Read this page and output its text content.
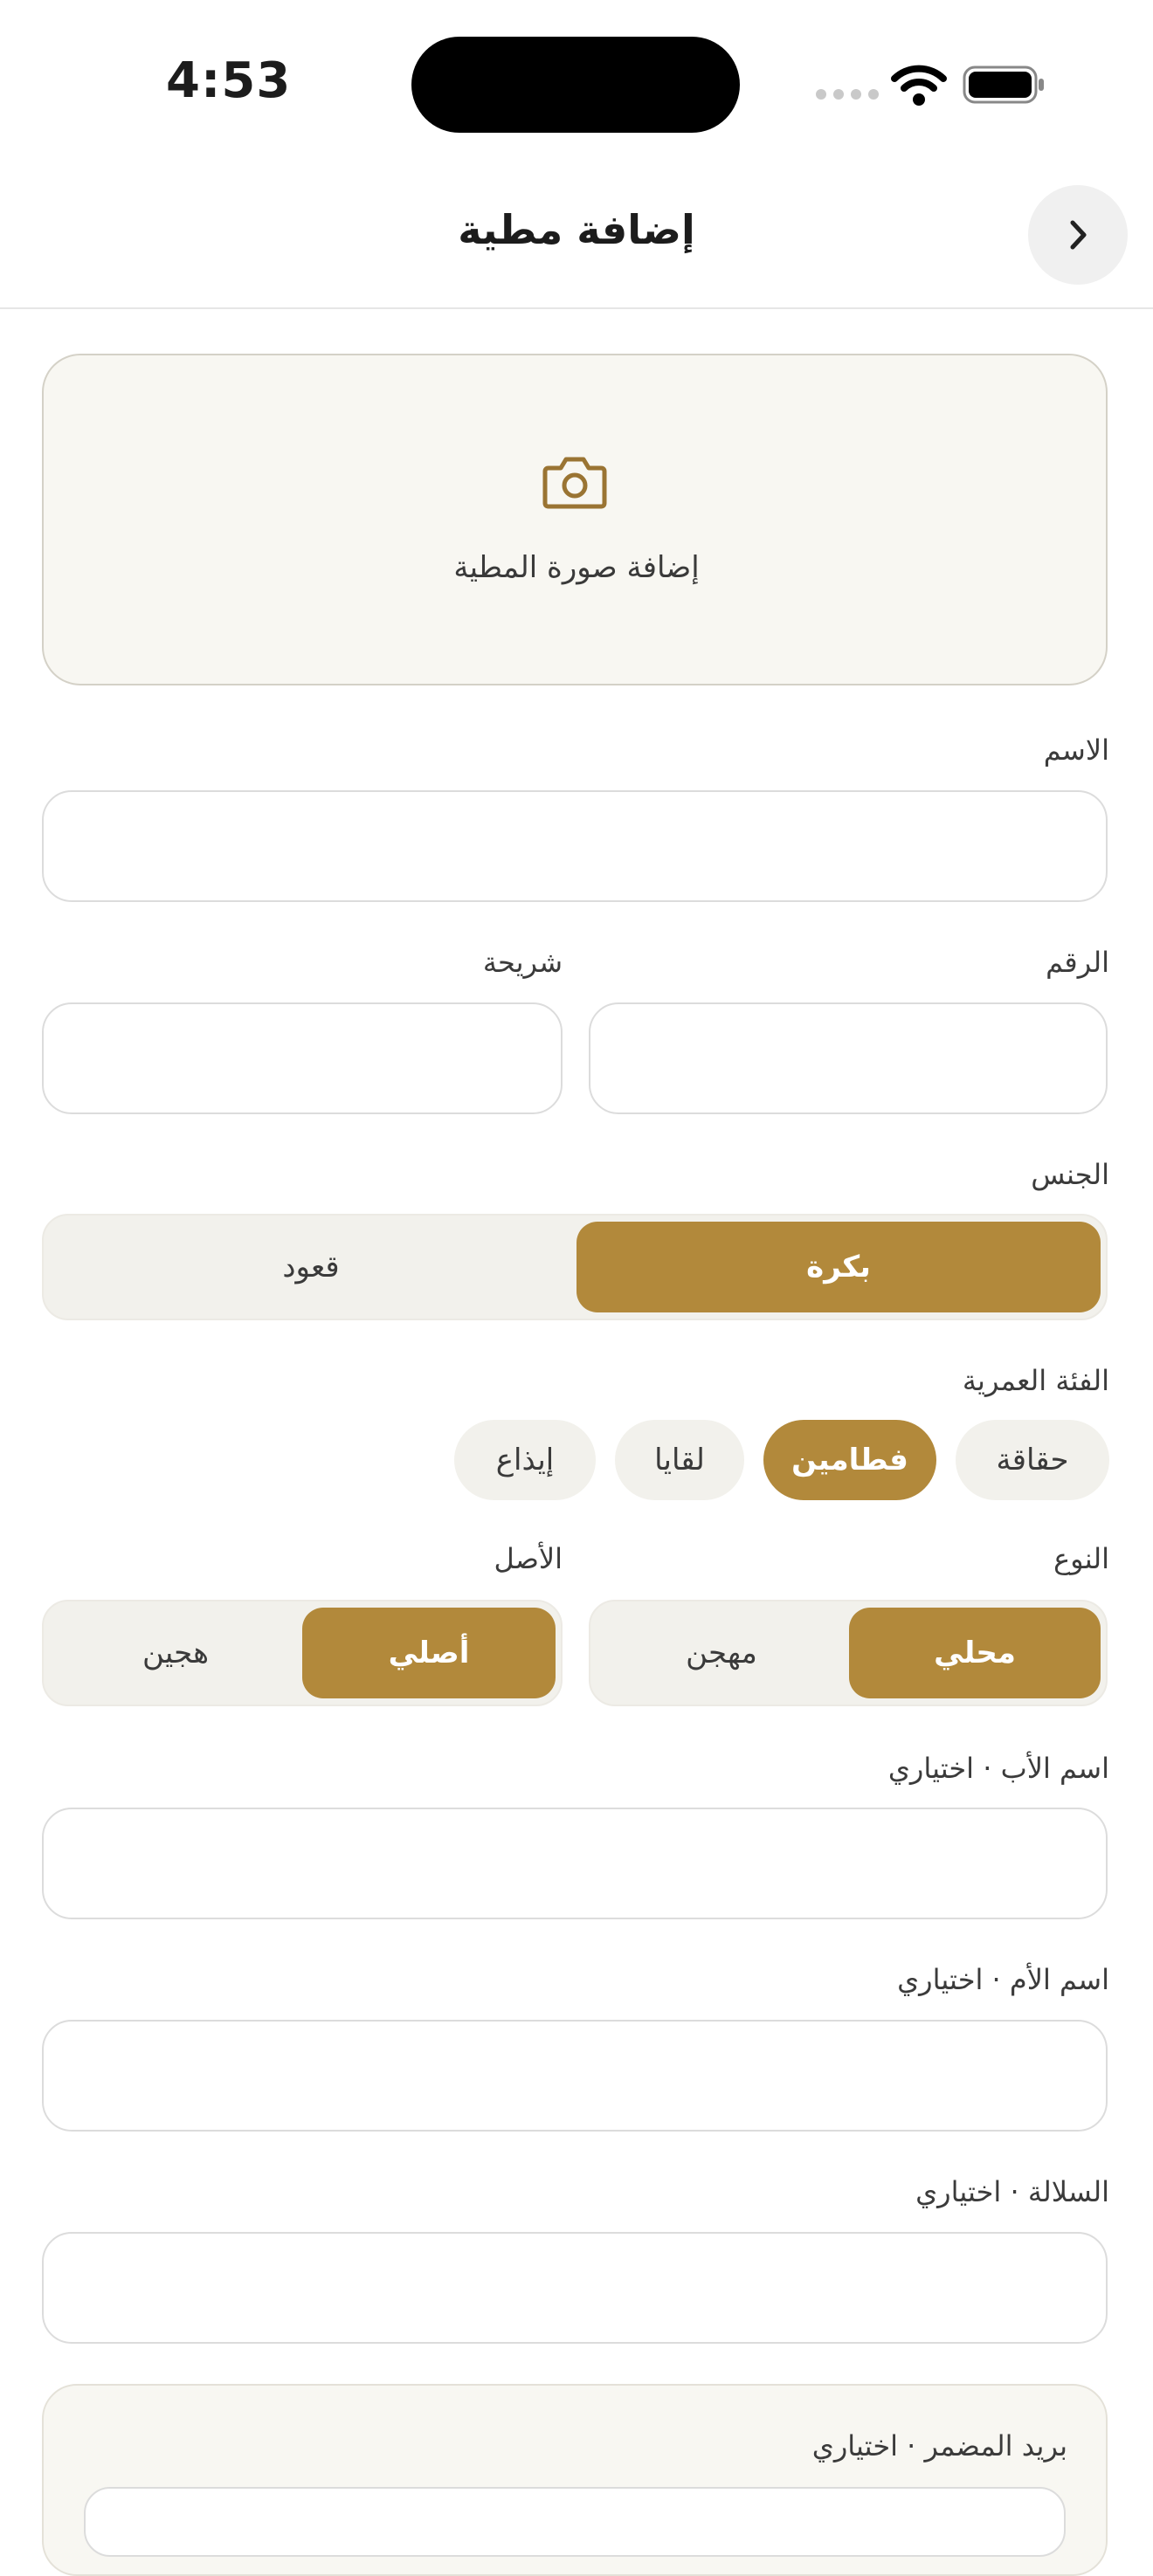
4:53
إضافة مطية
إضافة صورة المطية
الاسم
الرقم
شريحة
الجنس
بكرة
قعود
الفئة العمرية
حقاقة
فطامين
لقايا
إيذاع
النوع
الأصل
محلي
مهجن
أصلي
هجين
اسم الأب · اختياري
اسم الأم · اختياري
السلالة · اختياري
بريد المضمر · اختياري
